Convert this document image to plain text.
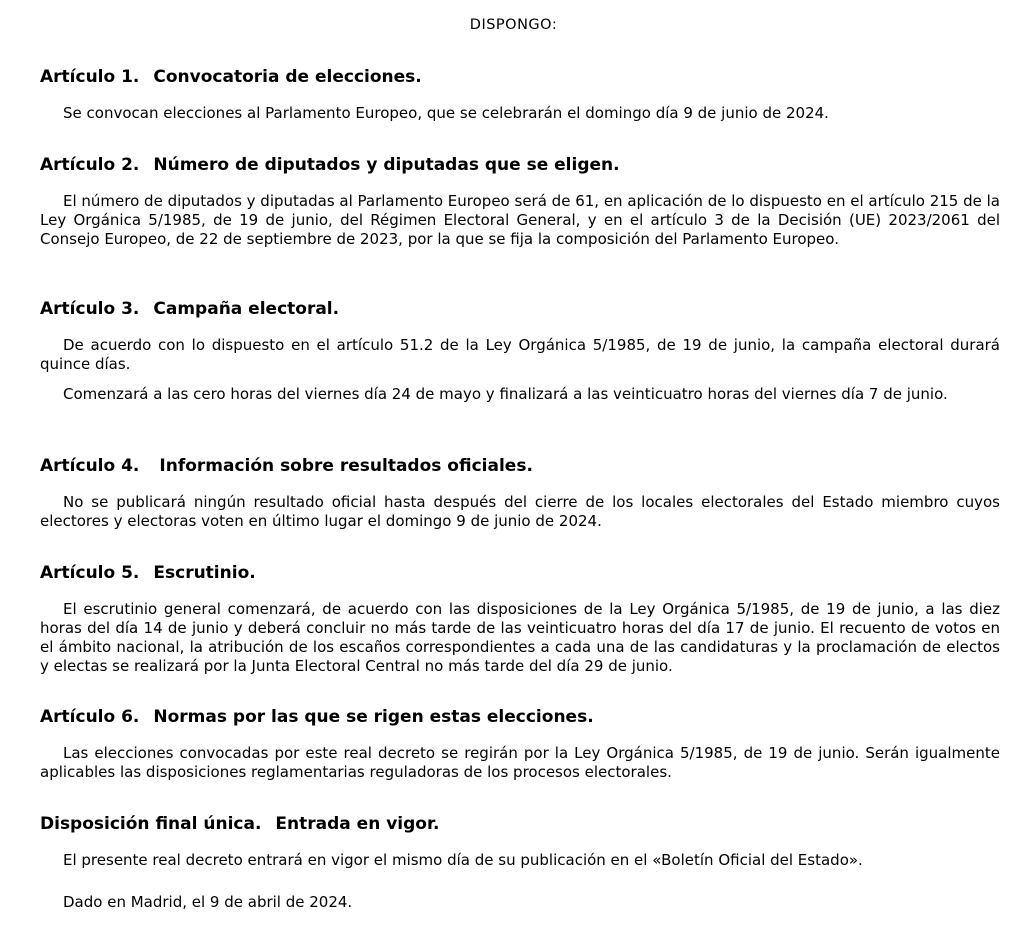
DISPONGO:
Artículo 1. Convocatoria de elecciones.

Se convocan elecciones al Parlamento Europeo, que se celebrarán el domingo día 9 de junio de 2024.

Artículo 2. Número de diputados y diputadas que se eligen.

El número de diputados y diputadas al Parlamento Europeo será de 61, en aplicación de lo dispuesto en el artículo 215 de la Ley Orgánica 5/1985, de 19 de junio, del Régimen Electoral General, y en el artículo 3 de la Decisión (UE) 2023/2061 del Consejo Europeo, de 22 de septiembre de 2023, por la que se fija la composición del Parlamento Europeo.

Artículo 3. Campaña electoral.

De acuerdo con lo dispuesto en el artículo 51.2 de la Ley Orgánica 5/1985, de 19 de junio, la campaña electoral durará quince días.

Comenzará a las cero horas del viernes día 24 de mayo y finalizará a las veinticuatro horas del viernes día 7 de junio.

Artículo 4. Información sobre resultados oficiales.

No se publicará ningún resultado oficial hasta después del cierre de los locales electorales del Estado miembro cuyos electores y electoras voten en último lugar el domingo 9 de junio de 2024.

Artículo 5. Escrutinio.

El escrutinio general comenzará, de acuerdo con las disposiciones de la Ley Orgánica 5/1985, de 19 de junio, a las diez horas del día 14 de junio y deberá concluir no más tarde de las veinticuatro horas del día 17 de junio. El recuento de votos en el ámbito nacional, la atribución de los escaños correspondientes a cada una de las candidaturas y la proclamación de electos y electas se realizará por la Junta Electoral Central no más tarde del día 29 de junio.

Artículo 6. Normas por las que se rigen estas elecciones.

Las elecciones convocadas por este real decreto se regirán por la Ley Orgánica 5/1985, de 19 de junio. Serán igualmente aplicables las disposiciones reglamentarias reguladoras de los procesos electorales.

Disposición final única. Entrada en vigor.

El presente real decreto entrará en vigor el mismo día de su publicación en el «Boletín Oficial del Estado».

Dado en Madrid, el 9 de abril de 2024.
